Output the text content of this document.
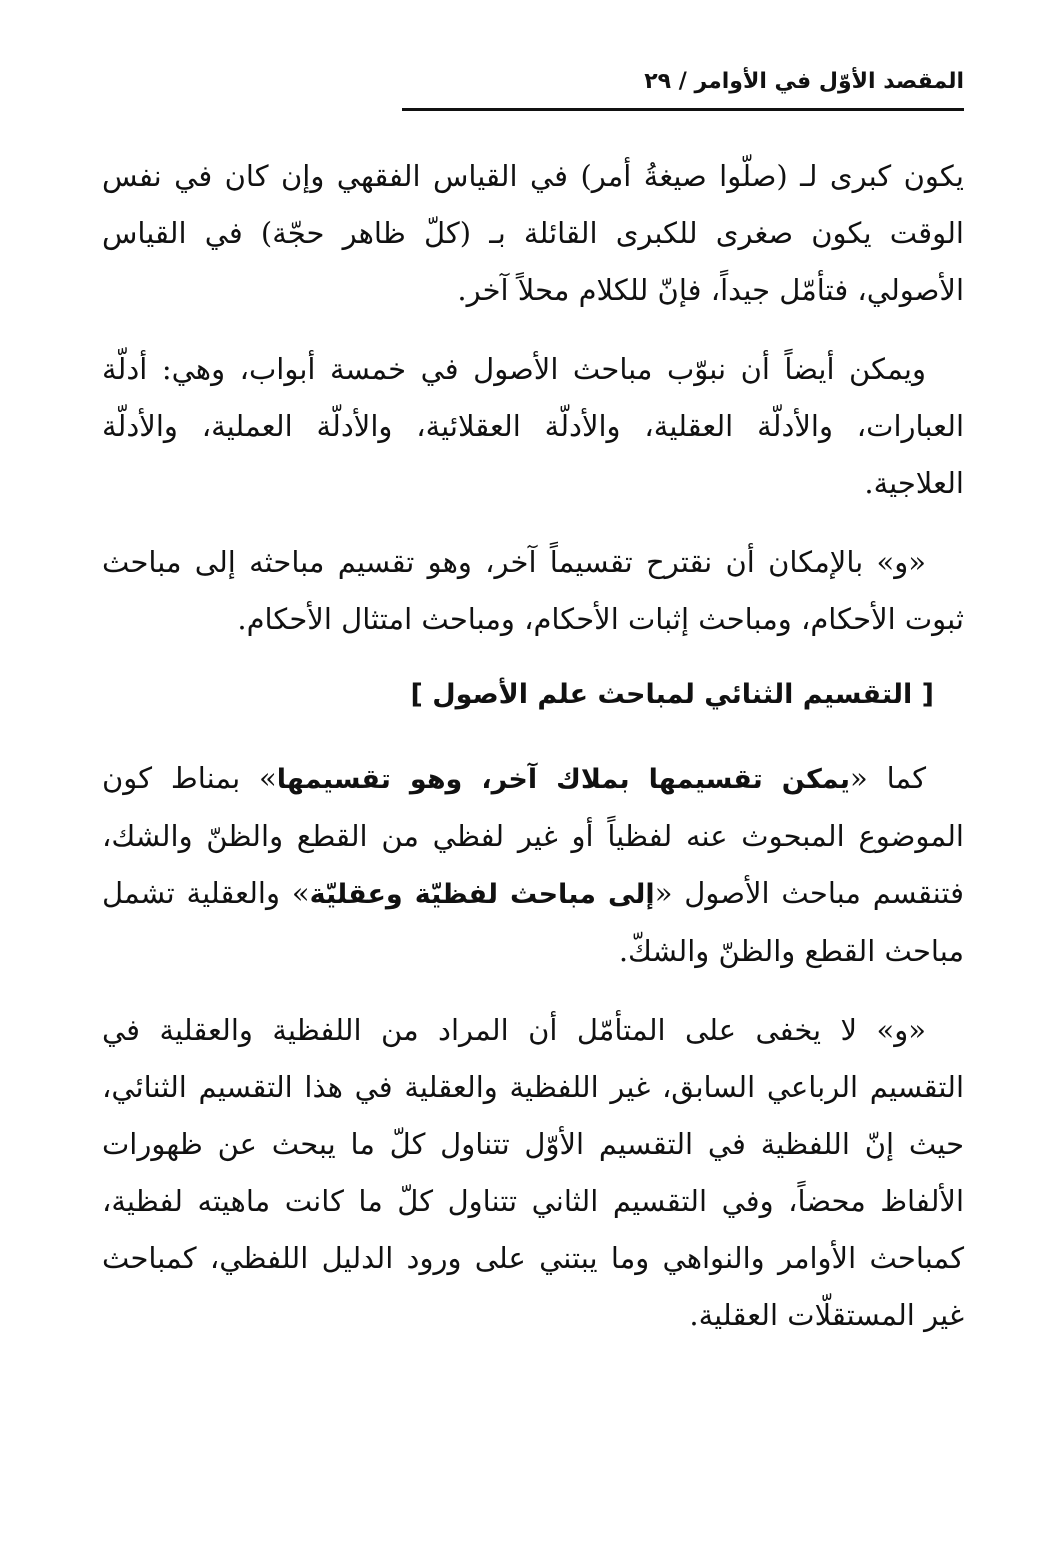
المقصد الأوّل في الأوامر / ٢٩

يكون كبرى لـ (صلّوا صيغةُ أمر) في القياس الفقهي وإن كان في نفس الوقت يكون صغرى للكبرى القائلة بـ (كلّ ظاهر حجّة) في القياس الأصولي، فتأمّل جيداً، فإنّ للكلام محلاً آخر.

ويمكن أيضاً أن نبوّب مباحث الأصول في خمسة أبواب، وهي: أدلّة العبارات، والأدلّة العقلية، والأدلّة العقلائية، والأدلّة العملية، والأدلّة العلاجية.

«و» بالإمكان أن نقترح تقسيماً آخر، وهو تقسيم مباحثه إلى مباحث ثبوت الأحكام، ومباحث إثبات الأحكام، ومباحث امتثال الأحكام.

[ التقسيم الثنائي لمباحث علم الأصول ]

كما «يمكن تقسيمها بملاك آخر، وهو تقسيمها» بمناط كون الموضوع المبحوث عنه لفظياً أو غير لفظي من القطع والظنّ والشك، فتنقسم مباحث الأصول «إلى مباحث لفظيّة وعقليّة» والعقلية تشمل مباحث القطع والظنّ والشكّ.

«و» لا يخفى على المتأمّل أن المراد من اللفظية والعقلية في التقسيم الرباعي السابق، غير اللفظية والعقلية في هذا التقسيم الثنائي، حيث إنّ اللفظية في التقسيم الأوّل تتناول كلّ ما يبحث عن ظهورات الألفاظ محضاً، وفي التقسيم الثاني تتناول كلّ ما كانت ماهيته لفظية، كمباحث الأوامر والنواهي وما يبتني على ورود الدليل اللفظي، كمباحث غير المستقلّات العقلية.
